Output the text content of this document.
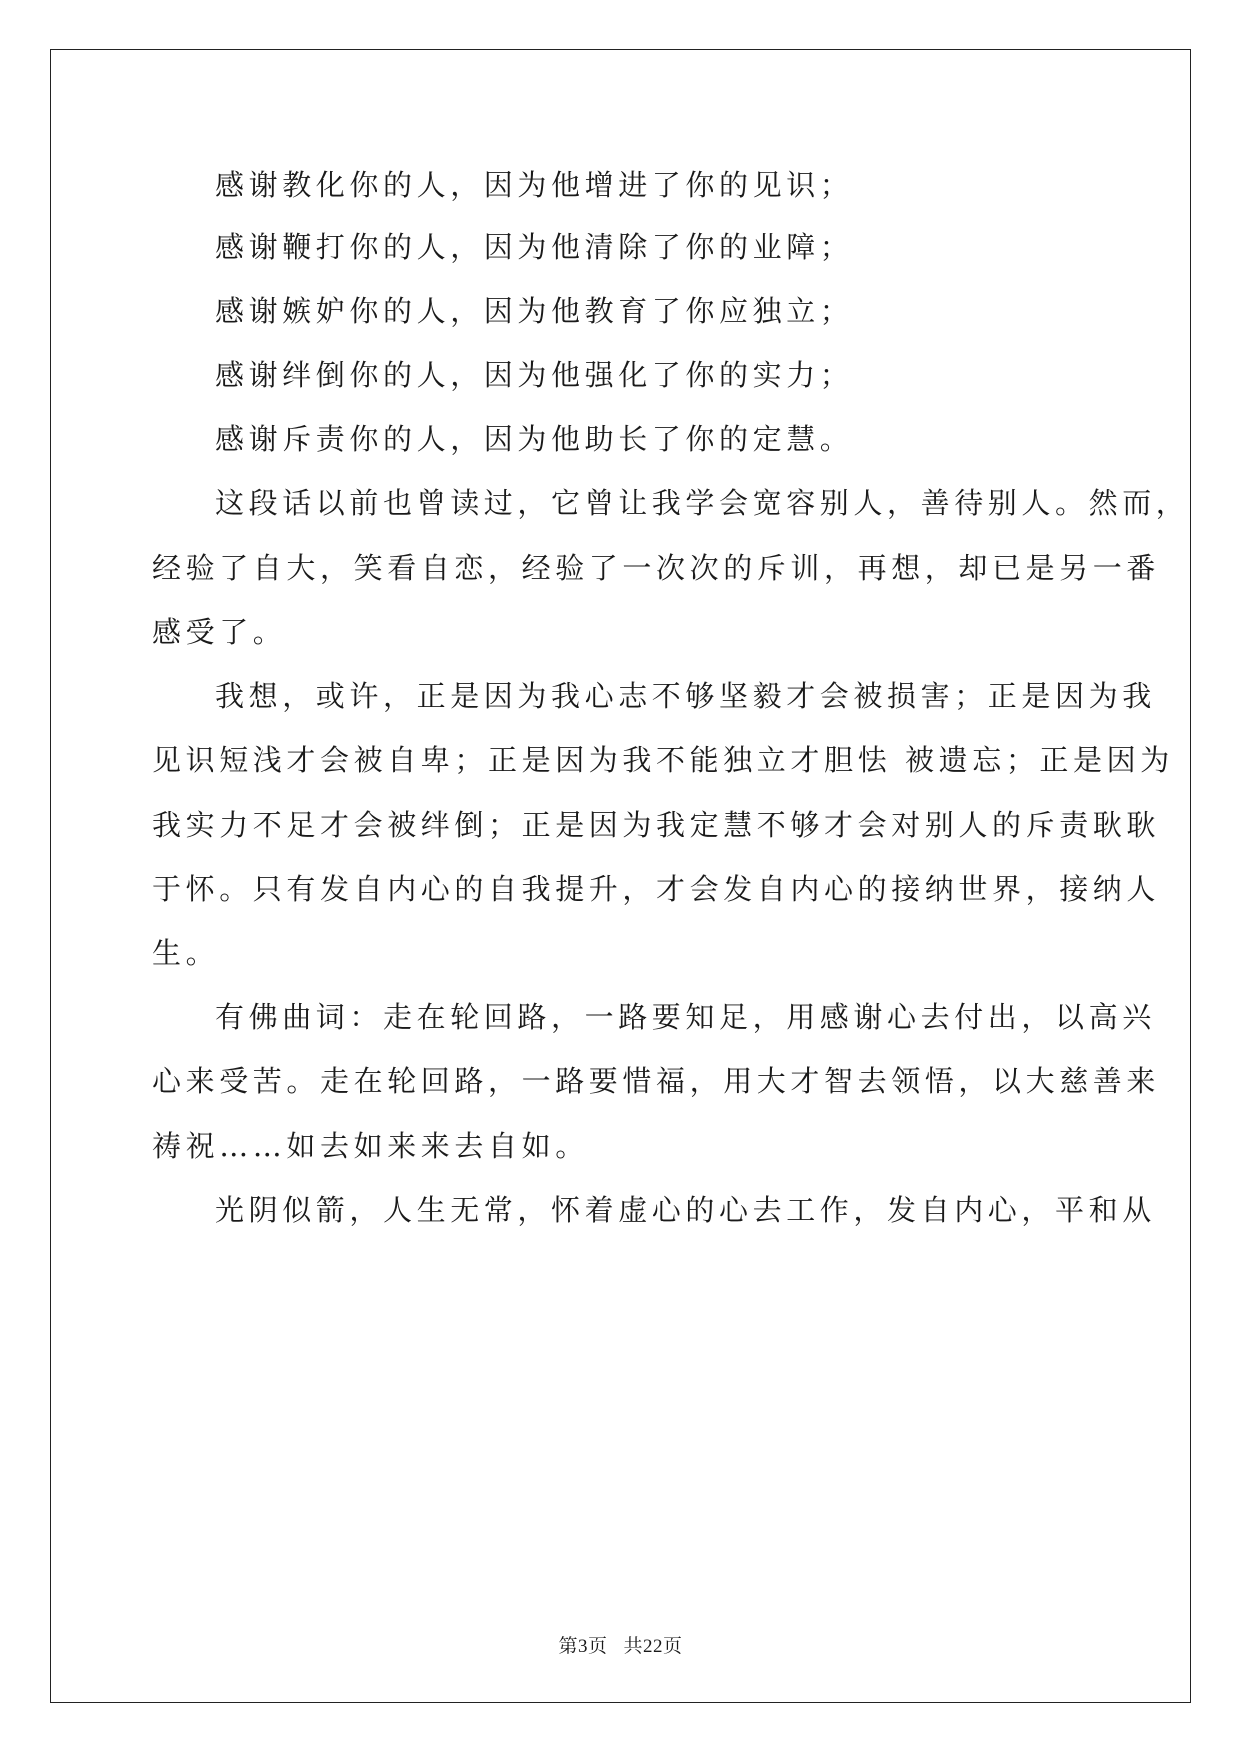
感谢教化你的人，因为他增进了你的见识；
感谢鞭打你的人，因为他清除了你的业障；
感谢嫉妒你的人，因为他教育了你应独立；
感谢绊倒你的人，因为他强化了你的实力；
感谢斥责你的人，因为他助长了你的定慧。
这段话以前也曾读过，它曾让我学会宽容别人，善待别人。然而，
经验了自大，笑看自恋，经验了一次次的斥训，再想，却已是另一番
感受了。
我想，或许，正是因为我心志不够坚毅才会被损害；正是因为我
见识短浅才会被自卑；正是因为我不能独立才胆怯 被遗忘；正是因为
我实力不足才会被绊倒；正是因为我定慧不够才会对别人的斥责耿耿
于怀。只有发自内心的自我提升，才会发自内心的接纳世界，接纳人
生。
有佛曲词：走在轮回路，一路要知足，用感谢心去付出，以高兴
心来受苦。走在轮回路，一路要惜福，用大才智去领悟，以大慈善来
祷祝……如去如来来去自如。
光阴似箭，人生无常，怀着虚心的心去工作，发自内心，平和从
第3页 共22页
